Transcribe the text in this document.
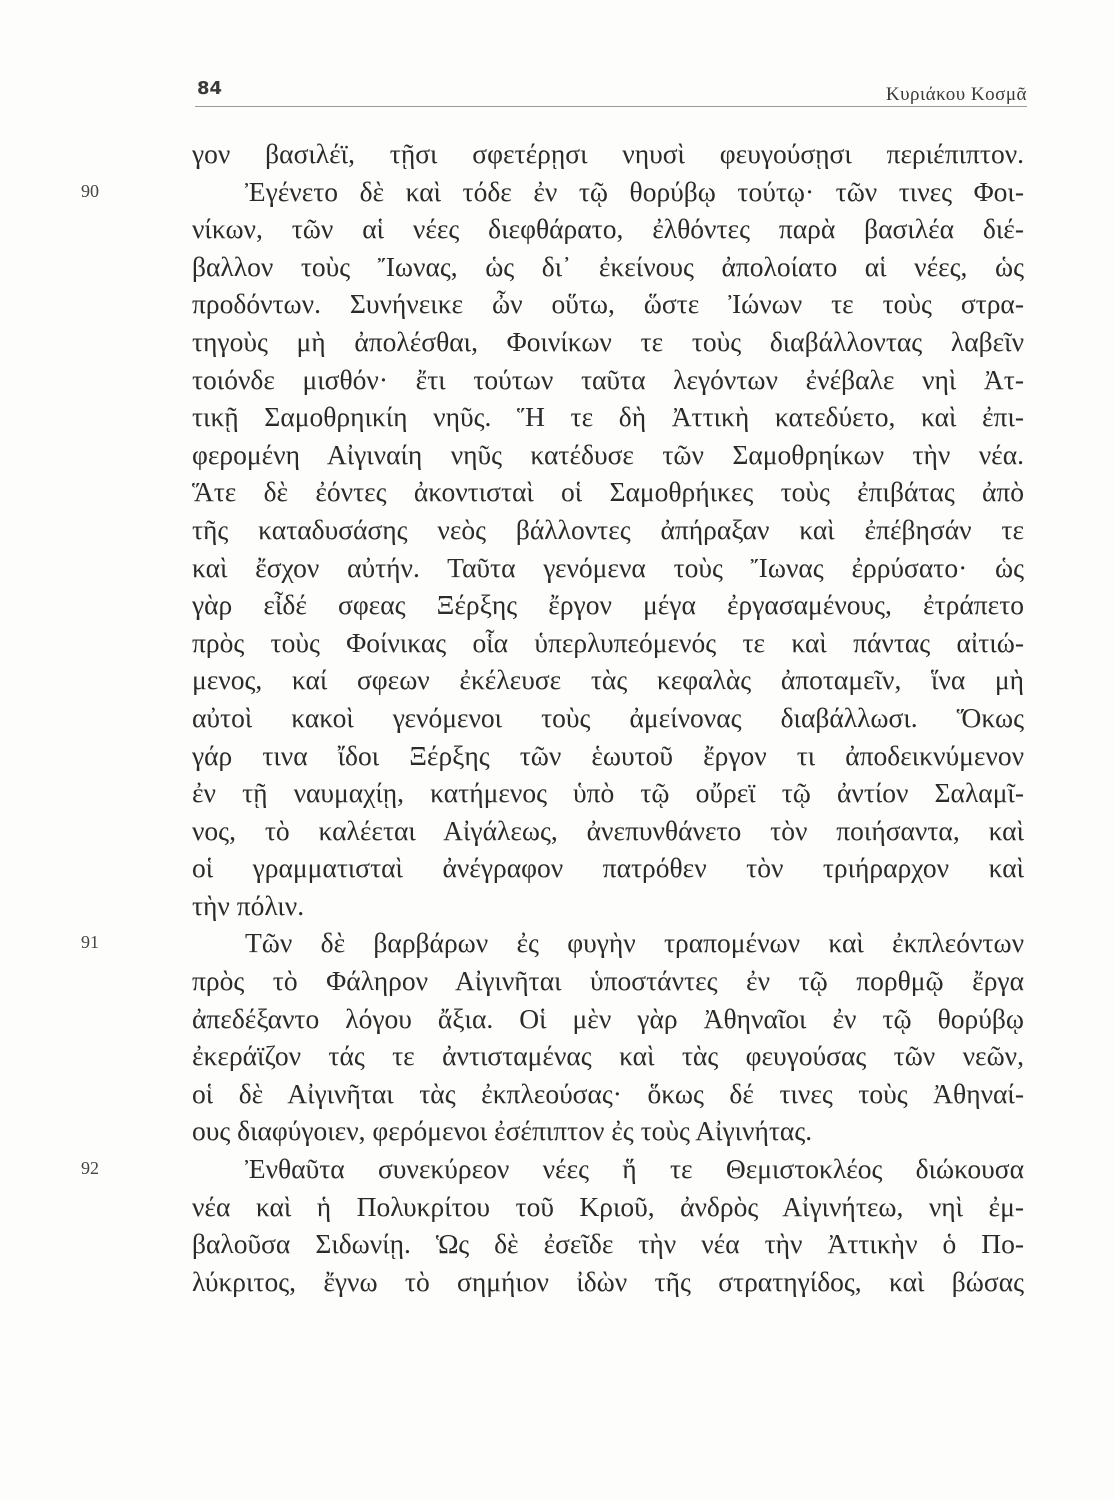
84	Κυριάκου Κοσμᾶ
γον βασιλέϊ, τῇσι σφετέρῃσι νηυσὶ φευγούσῃσι περιέπιπτον.
90	Ἐγένετο δὲ καὶ τόδε ἐν τῷ θορύβῳ τούτῳ· τῶν τινες Φοι-
νίκων, τῶν αἱ νέες διεφθάρατο, ἐλθόντες παρὰ βασιλέα διέ-
βαλλον τοὺς Ἴωνας, ὡς δι᾽ ἐκείνους ἀπολοίατο αἱ νέες, ὡς
προδόντων. Συνήνεικε ὦν οὕτω, ὥστε Ἰώνων τε τοὺς στρα-
τηγοὺς μὴ ἀπολέσθαι, Φοινίκων τε τοὺς διαβάλλοντας λαβεῖν
τοιόνδε μισθόν· ἔτι τούτων ταῦτα λεγόντων ἐνέβαλε νηὶ Ἀτ-
τικῇ Σαμοθρηικίη νηῦς. Ἥ τε δὴ Ἀττικὴ κατεδύετο, καὶ ἐπι-
φερομένη Αἰγιναίη νηῦς κατέδυσε τῶν Σαμοθρηίκων τὴν νέα.
Ἅτε δὲ ἐόντες ἀκοντισταὶ οἱ Σαμοθρήικες τοὺς ἐπιβάτας ἀπὸ
τῆς καταδυσάσης νεὸς βάλλοντες ἀπήραξαν καὶ ἐπέβησάν τε
καὶ ἔσχον αὐτήν. Ταῦτα γενόμενα τοὺς Ἴωνας ἐρρύσατο· ὡς
γὰρ εἶδέ σφεας Ξέρξης ἔργον μέγα ἐργασαμένους, ἐτράπετο
πρὸς τοὺς Φοίνικας οἷα ὑπερλυπεόμενός τε καὶ πάντας αἰτιώ-
μενος, καί σφεων ἐκέλευσε τὰς κεφαλὰς ἀποταμεῖν, ἵνα μὴ
αὐτοὶ κακοὶ γενόμενοι τοὺς ἀμείνονας διαβάλλωσι. Ὅκως
γάρ τινα ἴδοι Ξέρξης τῶν ἑωυτοῦ ἔργον τι ἀποδεικνύμενον
ἐν τῇ ναυμαχίῃ, κατήμενος ὑπὸ τῷ οὔρεϊ τῷ ἀντίον Σαλαμῖ-
νος, τὸ καλέεται Αἰγάλεως, ἀνεπυνθάνετο τὸν ποιήσαντα, καὶ
οἱ γραμματισταὶ ἀνέγραφον πατρόθεν τὸν τριήραρχον καὶ
τὴν πόλιν.
91	Τῶν δὲ βαρβάρων ἐς φυγὴν τραπομένων καὶ ἐκπλεόντων
πρὸς τὸ Φάληρον Αἰγινῆται ὑποστάντες ἐν τῷ πορθμῷ ἔργα
ἀπεδέξαντο λόγου ἄξια. Οἱ μὲν γὰρ Ἀθηναῖοι ἐν τῷ θορύβῳ
ἐκεράϊζον τάς τε ἀντισταμένας καὶ τὰς φευγούσας τῶν νεῶν,
οἱ δὲ Αἰγινῆται τὰς ἐκπλεούσας· ὅκως δέ τινες τοὺς Ἀθηναί-
ους διαφύγοιεν, φερόμενοι ἐσέπιπτον ἐς τοὺς Αἰγινήτας.
92	Ἐνθαῦτα συνεκύρεον νέες ἥ τε Θεμιστοκλέος διώκουσα
νέα καὶ ἡ Πολυκρίτου τοῦ Κριοῦ, ἀνδρὸς Αἰγινήτεω, νηὶ ἐμ-
βαλοῦσα Σιδωνίῃ. Ὡς δὲ ἐσεῖδε τὴν νέα τὴν Ἀττικὴν ὁ Πο-
λύκριτος, ἔγνω τὸ σημήιον ἰδὼν τῆς στρατηγίδος, καὶ βώσας
